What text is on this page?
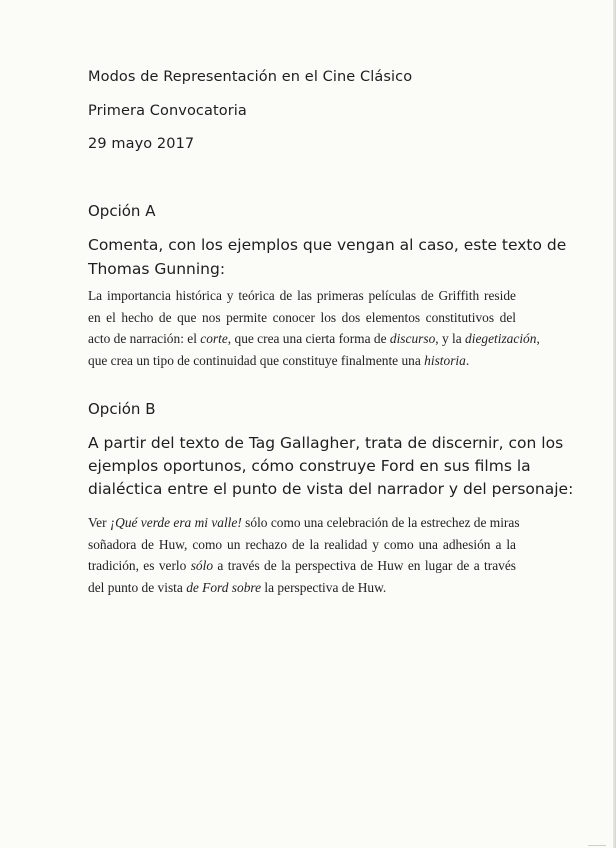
Modos de Representación en el Cine Clásico
Primera Convocatoria
29 mayo 2017
Opción A
Comenta, con los ejemplos que vengan al caso, este texto de
Thomas Gunning:
La importancia histórica y teórica de las primeras películas de Griffith reside
en el hecho de que nos permite conocer los dos elementos constitutivos del
acto de narración: el corte, que crea una cierta forma de discurso, y la diegetización,
que crea un tipo de continuidad que constituye finalmente una historia.
Opción B
A partir del texto de Tag Gallagher, trata de discernir, con los
ejemplos oportunos, cómo construye Ford en sus films la
dialéctica entre el punto de vista del narrador y del personaje:
Ver ¡Qué verde era mi valle! sólo como una celebración de la estrechez de miras
soñadora de Huw, como un rechazo de la realidad y como una adhesión a la
tradición, es verlo sólo a través de la perspectiva de Huw en lugar de a través
del punto de vista de Ford sobre la perspectiva de Huw.
